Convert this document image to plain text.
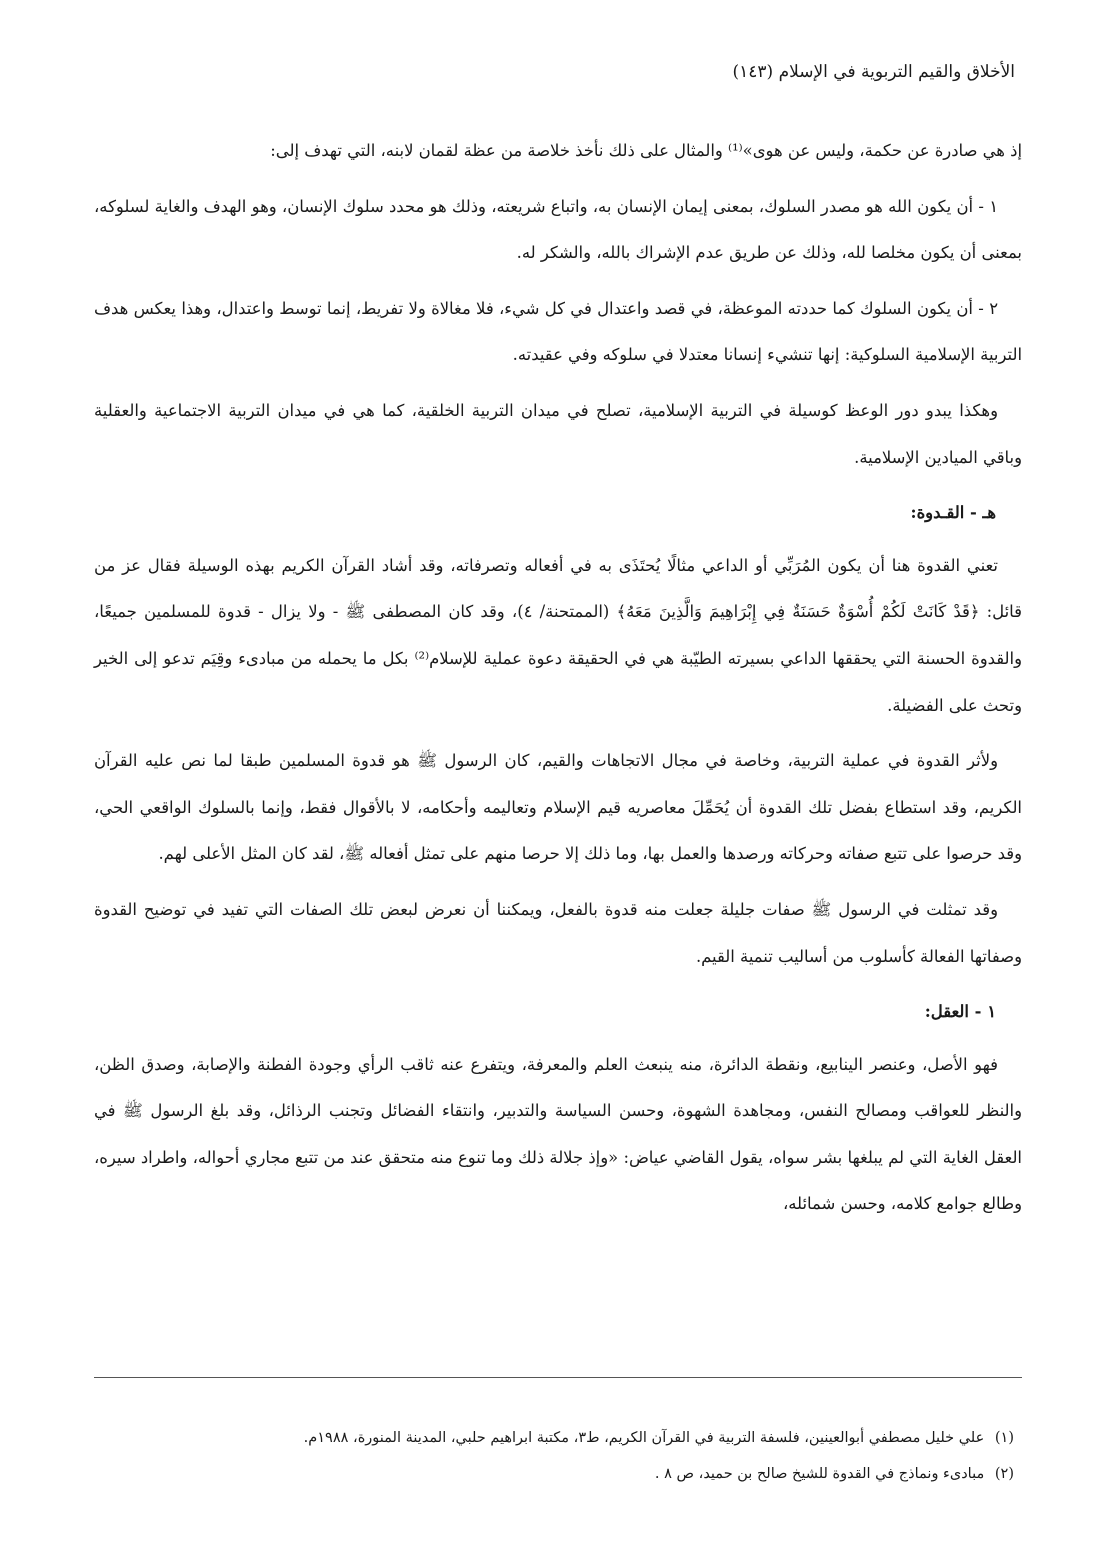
الأخلاق والقيم التربوية في الإسلام (١٤٣)

إذ هي صادرة عن حكمة، وليس عن هوى»⁽¹⁾ والمثال على ذلك نأخذ خلاصة من عظة لقمان لابنه، التي تهدف إلى:

١ - أن يكون الله هو مصدر السلوك، بمعنى إيمان الإنسان به، واتباع شريعته، وذلك هو محدد سلوك الإنسان، وهو الهدف والغاية لسلوكه، بمعنى أن يكون مخلصا لله، وذلك عن طريق عدم الإشراك بالله، والشكر له.

٢ - أن يكون السلوك كما حددته الموعظة، في قصد واعتدال في كل شيء، فلا مغالاة ولا تفريط، إنما توسط واعتدال، وهذا يعكس هدف التربية الإسلامية السلوكية: إنها تنشيء إنسانا معتدلا في سلوكه وفي عقيدته.

وهكذا يبدو دور الوعظ كوسيلة في التربية الإسلامية، تصلح في ميدان التربية الخلقية، كما هي في ميدان التربية الاجتماعية والعقلية وباقي الميادين الإسلامية.

هـ - القـدوة:

تعني القدوة هنا أن يكون المُرَبِّي أو الداعي مثالًا يُحتَذَى به في أفعاله وتصرفاته، وقد أشاد القرآن الكريم بهذه الوسيلة فقال عز من قائل: ﴿قَدْ كَانَتْ لَكُمْ أُسْوَةٌ حَسَنَةٌ فِي إِبْرَاهِيمَ وَالَّذِينَ مَعَهُ﴾ (الممتحنة/ ٤)، وقد كان المصطفى ﷺ - ولا يزال - قدوة للمسلمين جميعًا، والقدوة الحسنة التي يحققها الداعي بسيرته الطيّبة هي في الحقيقة دعوة عملية للإسلام⁽²⁾ بكل ما يحمله من مبادىء وقِيَم تدعو إلى الخير وتحث على الفضيلة.

ولأثر القدوة في عملية التربية، وخاصة في مجال الاتجاهات والقيم، كان الرسول ﷺ هو قدوة المسلمين طبقا لما نص عليه القرآن الكريم، وقد استطاع بفضل تلك القدوة أن يُحَمِّلَ معاصريه قيم الإسلام وتعاليمه وأحكامه، لا بالأقوال فقط، وإنما بالسلوك الواقعي الحي، وقد حرصوا على تتبع صفاته وحركاته ورصدها والعمل بها، وما ذلك إلا حرصا منهم على تمثل أفعاله ﷺ، لقد كان المثل الأعلى لهم.

وقد تمثلت في الرسول ﷺ صفات جليلة جعلت منه قدوة بالفعل، ويمكننا أن نعرض لبعض تلك الصفات التي تفيد في توضيح القدوة وصفاتها الفعالة كأسلوب من أساليب تنمية القيم.

١ - العقل:

فهو الأصل، وعنصر الينابيع، ونقطة الدائرة، منه ينبعث العلم والمعرفة، ويتفرع عنه ثاقب الرأي وجودة الفطنة والإصابة، وصدق الظن، والنظر للعواقب ومصالح النفس، ومجاهدة الشهوة، وحسن السياسة والتدبير، وانتقاء الفضائل وتجنب الرذائل، وقد بلغ الرسول ﷺ في العقل الغاية التي لم يبلغها بشر سواه، يقول القاضي عياض: «وإذ جلالة ذلك وما تنوع منه متحقق عند من تتبع مجاري أحواله، واطراد سيره، وطالع جوامع كلامه، وحسن شمائله،

(١) علي خليل مصطفي أبوالعينين، فلسفة التربية في القرآن الكريم، ط٣، مكتبة ابراهيم حلبي، المدينة المنورة، ١٩٨٨م.

(٢) مبادىء ونماذج في القدوة للشيخ صالح بن حميد، ص ٨ .
